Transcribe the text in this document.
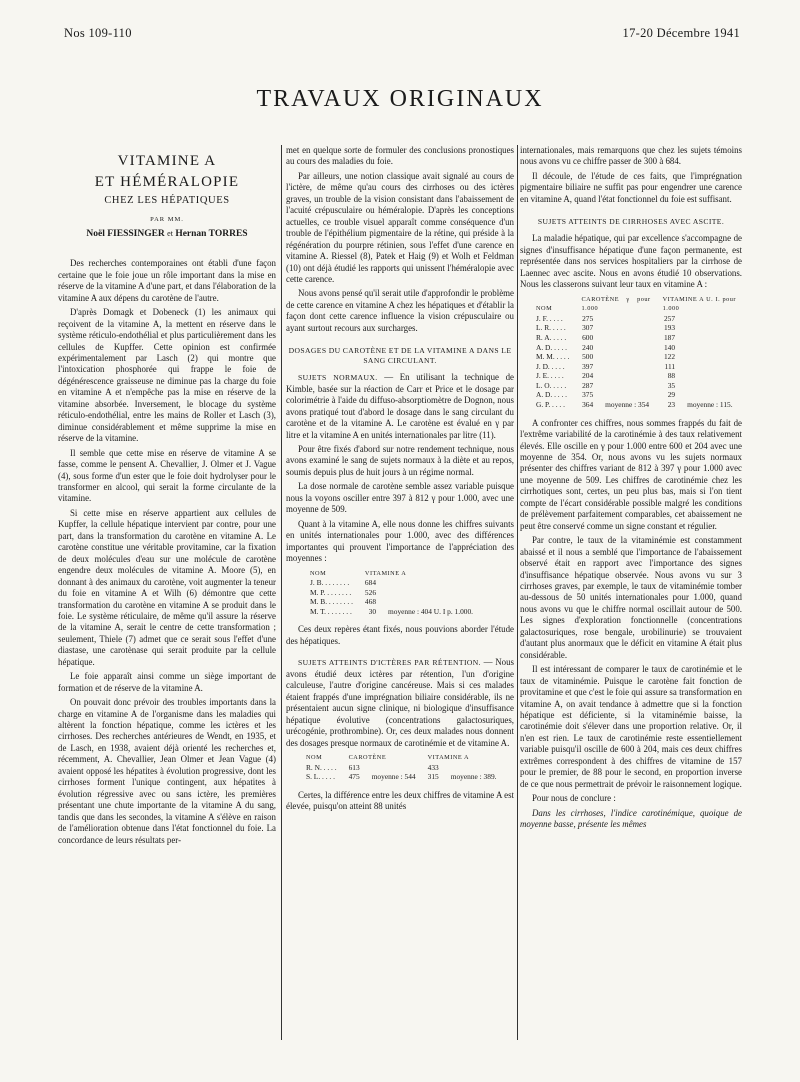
Nos 109-110	17-20 Décembre 1941
TRAVAUX ORIGINAUX
VITAMINE A
ET HÉMÉRALOPIE
CHEZ LES HÉPATIQUES
PAR MM.
Noël FIESSINGER et Hernan TORRES

Des recherches contemporaines ont établi d'une façon certaine que le foie joue un rôle important dans la mise en réserve de la vitamine A d'une part, et dans l'élaboration de la vitamine A aux dépens du carotène de l'autre.

D'après Domagk et Dobeneck (1) les animaux qui reçoivent de la vitamine A, la mettent en réserve dans le système réticulo-endothélial et plus particulièrement dans les cellules de Kupffer. Cette opinion est confirmée expérimentalement par Lasch (2) qui montre que l'intoxication phosphorée qui frappe le foie de dégénérescence graisseuse ne diminue pas la charge du foie en vitamine A et n'empêche pas la mise en réserve de la vitamine absorbée. Inversement, le blocage du système réticulo-endothélial, entre les mains de Roller et Lasch (3), diminue considérablement et même supprime la mise en réserve de la vitamine.

Il semble que cette mise en réserve de vitamine A se fasse, comme le pensent A. Chevallier, J. Olmer et J. Vague (4), sous forme d'un ester que le foie doit hydrolyser pour le transformer en alcool, qui serait la forme circulante de la vitamine.

Si cette mise en réserve appartient aux cellules de Kupffer, la cellule hépatique intervient par contre, pour une part, dans la transformation du carotène en vitamine A. Le carotène constitue une véritable provitamine, car la fixation de deux molécules d'eau sur une molécule de carotène engendre deux molécules de vitamine A. Moore (5), en donnant à des animaux du carotène, voit augmenter la teneur du foie en vitamine A et Wilh (6) démontre que cette transformation du carotène en vitamine A se produit dans le foie. Le système réticulaire, de même qu'il assure la réserve de la vitamine A, serait le centre de cette transformation ; seulement, Thiele (7) admet que ce serait sous l'effet d'une diastase, une carotènase qui serait produite par la cellule hépatique.

Le foie apparaît ainsi comme un siège important de formation et de réserve de la vitamine A.

On pouvait donc prévoir des troubles importants dans la charge en vitamine A de l'organisme dans les maladies qui altèrent la fonction hépatique, comme les ictères et les cirrhoses. Des recherches antérieures de Wendt, en 1935, et de Lasch, en 1938, avaient déjà orienté les recherches et, récemment, A. Chevallier, Jean Olmer et Jean Vague (4) avaient opposé les hépatites à évolution progressive, dont les cirrhoses forment l'unique contingent, aux hépatites à évolution régressive avec ou sans ictère, les premières présentant une chute importante de la vitamine A du sang, tandis que dans les secondes, la vitamine A s'élève en raison de l'amélioration obtenue dans l'état fonctionnel du foie. La concordance de leurs résultats per-

met en quelque sorte de formuler des conclusions pronostiques au cours des maladies du foie.

Par ailleurs, une notion classique avait signalé au cours de l'ictère, de même qu'au cours des cirrhoses ou des ictères graves, un trouble de la vision consistant dans l'abaissement de l'acuité crépusculaire ou héméralopie. D'après les conceptions actuelles, ce trouble visuel apparaît comme conséquence d'un trouble de l'épithélium pigmentaire de la rétine, qui préside à la régénération du pourpre rétinien, sous l'effet d'une carence en vitamine A. Riessel (8), Patek et Haig (9) et Wolh et Feldman (10) ont déjà étudié les rapports qui unissent l'héméralopie avec cette carence.

Nous avons pensé qu'il serait utile d'approfondir le problème de cette carence en vitamine A chez les hépatiques et d'établir la façon dont cette carence influence la vision crépusculaire ou ayant surtout recours aux surcharges.

DOSAGES DU CAROTÈNE ET DE LA VITAMINE A DANS LE SANG CIRCULANT.

SUJETS NORMAUX. — En utilisant la technique de Kimble, basée sur la réaction de Carr et Price et le dosage par colorimétrie à l'aide du diffuso-absorptiomètre de Dognon, nous avons pratiqué tout d'abord le dosage dans le sang circulant du carotène et de la vitamine A. Le carotène est évalué en γ par litre et la vitamine A en unités internationales par litre (11).

Pour être fixés d'abord sur notre rendement technique, nous avons examiné le sang de sujets normaux à la diète et au repos, soumis depuis plus de huit jours à un régime normal.

La dose normale de carotène semble assez variable puisque nous la voyons osciller entre 397 à 812 γ pour 1.000, avec une moyenne de 509.

Quant à la vitamine A, elle nous donne les chiffres suivants en unités internationales pour 1.000, avec des différences importantes qui prouvent l'importance de l'appréciation des moyennes :

NOM	VITAMINE A	
J. B. . . . . . . .	684	
M. P. . . . . . . .	526	
M. B. . . . . . . .	468	
M. T. . . . . . . .	30	moyenne : 404 U. I p. 1.000.

Ces deux repères étant fixés, nous pouvions aborder l'étude des hépatiques.

SUJETS ATTEINTS D'ICTÈRES PAR RÉTENTION. — Nous avons étudié deux ictères par rétention, l'un d'origine calculeuse, l'autre d'origine cancéreuse. Mais si ces malades étaient frappés d'une imprégnation biliaire considérable, ils ne présentaient aucun signe clinique, ni biologique d'insuffisance hépatique évolutive (concentrations galactosuriques, urécogénie, prothrombine). Or, ces deux malades nous donnent des dosages presque normaux de carotinémie et de vitamine A.

NOM	CAROTÈNE		VITAMINE A	
R. N. . . . .	613		433	
S. L. . . . .	475	moyenne : 544	315	moyenne : 389.

Certes, la différence entre les deux chiffres de vitamine A est élevée, puisqu'on atteint 88 unités

internationales, mais remarquons que chez les sujets témoins nous avons vu ce chiffre passer de 300 à 684.

Il découle, de l'étude de ces faits, que l'imprégnation pigmentaire biliaire ne suffit pas pour engendrer une carence en vitamine A, quand l'état fonctionnel du foie est suffisant.

SUJETS ATTEINTS DE CIRRHOSES AVEC ASCITE.

La maladie hépatique, qui par excellence s'accompagne de signes d'insuffisance hépatique d'une façon permanente, est représentée dans nos services hospitaliers par la cirrhose de Laennec avec ascite. Nous en avons étudié 10 observations. Nous les classerons suivant leur taux en vitamine A :

NOM	CAROTÈNE γ pour 1.000		VITAMINE A U. I. pour 1.000	
J. F. . . . .	275		257	
L. R. . . . .	307		193	
R. A. . . . .	600		187	
A. D. . . . .	240		140	
M. M. . . . .	500		122	
J. D. . . . .	397		111	
J. E. . . . .	204		88	
L. O. . . . .	287		35	
A. D. . . . .	375		29	
G. P. . . . .	364	moyenne : 354	23	moyenne : 115.

A confronter ces chiffres, nous sommes frappés du fait de l'extrême variabilité de la carotinémie à des taux relativement élevés. Elle oscille en γ pour 1.000 entre 600 et 204 avec une moyenne de 354. Or, nous avons vu les sujets normaux présenter des chiffres variant de 812 à 397 γ pour 1.000 avec une moyenne de 509. Les chiffres de carotinémie chez les cirrhotiques sont, certes, un peu plus bas, mais si l'on tient compte de l'écart considérable possible malgré les conditions de prélèvement parfaitement comparables, cet abaissement ne peut être conservé comme un signe constant et régulier.

Par contre, le taux de la vitaminémie est constamment abaissé et il nous a semblé que l'importance de l'abaissement observé était en rapport avec l'importance des signes d'insuffisance hépatique observée. Nous avons vu sur 3 cirrhoses graves, par exemple, le taux de vitaminémie tomber au-dessous de 50 unités internationales pour 1.000, quand nous avons vu que le chiffre normal oscillait autour de 500. Les signes d'exploration fonctionnelle (concentrations galactosuriques, rose bengale, urobilinurie) se trouvaient d'autant plus anormaux que le déficit en vitamine A était plus considérable.

Il est intéressant de comparer le taux de carotinémie et le taux de vitaminémie. Puisque le carotène fait fonction de provitamine et que c'est le foie qui assure sa transformation en vitamine A, on avait tendance à admettre que si la fonction hépatique est déficiente, si la vitaminémie baisse, la carotinémie doit s'élever dans une proportion relative. Or, il n'en est rien. Le taux de carotinémie reste essentiellement variable puisqu'il oscille de 600 à 204, mais ces deux chiffres extrêmes correspondent à des chiffres de vitamine de 157 pour le premier, de 88 pour le second, en proportion inverse de ce que nous permettrait de prévoir le raisonnement logique.

Pour nous de conclure :

Dans les cirrhoses, l'indice carotinémique, quoique de moyenne basse, présente les mêmes
